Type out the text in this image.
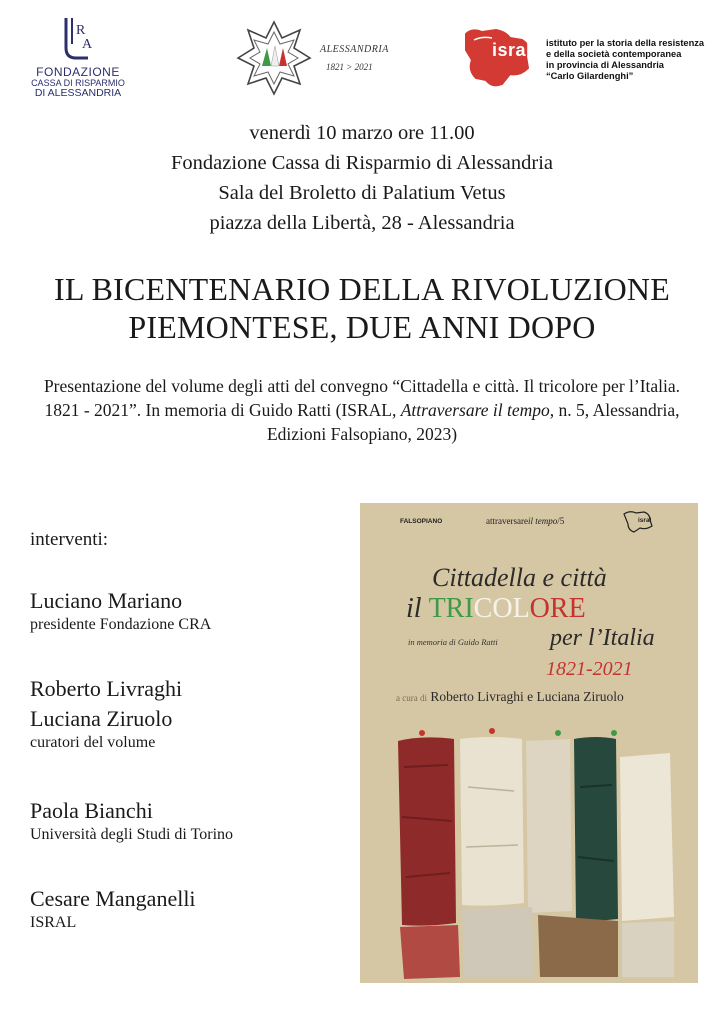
R
A
FONDAZIONE
CASSA DI RISPARMIO
DI ALESSANDRIA
ALESSANDRIA
1821 > 2021
isral istituto per la storia della resistenza
e della società contemporanea
in provincia di Alessandria
“Carlo Gilardenghi”
venerdì 10 marzo ore 11.00
Fondazione Cassa di Risparmio di Alessandria
Sala del Broletto di Palatium Vetus
piazza della Libertà, 28 - Alessandria
IL BICENTENARIO DELLA RIVOLUZIONE
PIEMONTESE, DUE ANNI DOPO
Presentazione del volume degli atti del convegno “Cittadella e città. Il tricolore per l’Italia. 1821 - 2021”. In memoria di Guido Ratti (ISRAL, Attraversare il tempo, n. 5, Alessandria, Edizioni Falsopiano, 2023)
interventi:
Luciano Mariano
presidente Fondazione CRA
Roberto Livraghi
Luciana Ziruolo
curatori del volume
Paola Bianchi
Università degli Studi di Torino
Cesare Manganelli
ISRAL
FALSOPIANO	attraversareil tempo/5	isral
Cittadella e città
il TRICOLORE
in memoria di Guido Ratti per l’Italia
1821-2021
a cura di Roberto Livraghi e Luciana Ziruolo
